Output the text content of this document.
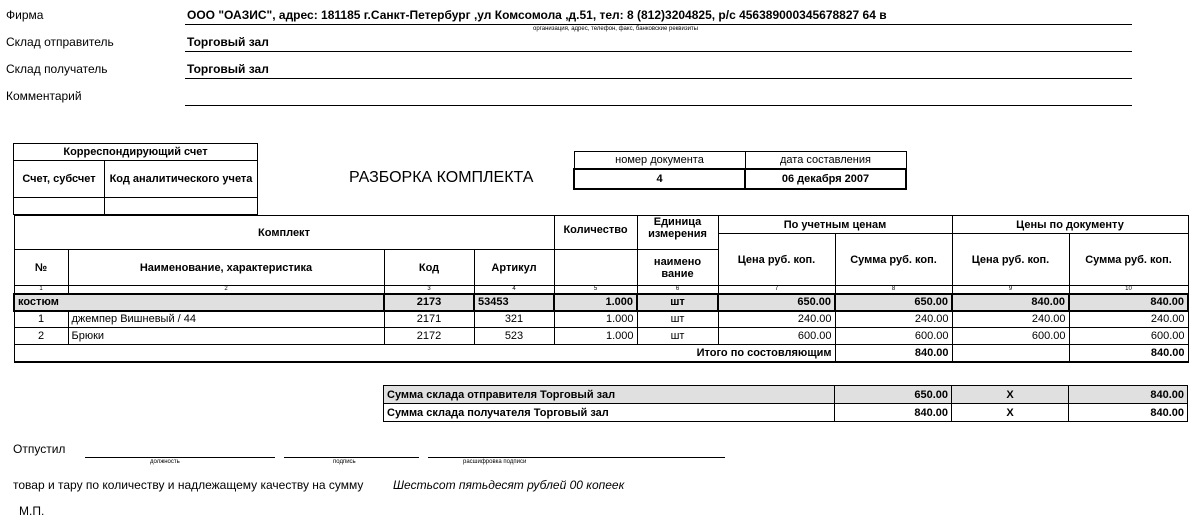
Фирма	ООО "ОАЗИС", адрес: 181185 г.Санкт-Петербург ,ул Комсомола ,д.51, тел: 8 (812)3204825, р/с 456389000345678827 64 в
организация, адрес, телефон, факс, банковские реквизиты
Склад отправитель	Торговый зал
Склад получатель	Торговый зал
Комментарий
Корреспондирующий счет	
Счет, субсчет	Код аналитического учета
		РАЗБОРКА КОМПЛЕКТА
номер документа	дата составления
4	06 декабря 2007
Комплект				Количество	Единица измерения	По учетным ценам		Цены по документу	
						Цена руб. коп.	Сумма руб. коп.	Цена руб. коп.	Сумма руб. коп.
№	Наименование, характеристика	Код	Артикул		наимено вание				
1	2	3	4	5	6	7	8	9	10
костюм		2173	53453	1.000	шт	650.00	650.00	840.00	840.00
1	джемпер Вишневый / 44	2171	321	1.000	шт	240.00	240.00	240.00	240.00
2	Брюки	2172	523	1.000	шт	600.00	600.00	600.00	600.00
Итого по состовляющим							840.00		840.00
Сумма склада отправителя Торговый зал	650.00	X	840.00
Сумма склада получателя Торговый зал	840.00	X	840.00
Отпустил
должность	подпись	расшифровка подписи
товар и тару по количеству и надлежащему качеству на сумму Шестьсот пятьдесят рублей 00 копеек
М.П.
